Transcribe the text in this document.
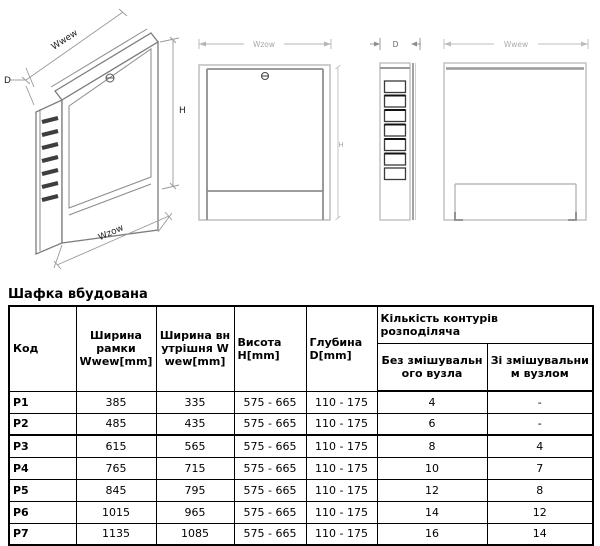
Wwew
D
H
Wzow
Wzow
H
D	Wwew
Шафка вбудована
Код	Ширина рамки Wwew[mm]	Ширина внутрішня Wwew[mm]	Висота H[mm]	Глубина D[mm]	Кількість контурів розподіляча	
					Без змішувального вузла	Зі змішувальним вузлом
P1	385	335	575 - 665	110 - 175	4	-
P2	485	435	575 - 665	110 - 175	6	-
P3	615	565	575 - 665	110 - 175	8	4
P4	765	715	575 - 665	110 - 175	10	7
P5	845	795	575 - 665	110 - 175	12	8
P6	1015	965	575 - 665	110 - 175	14	12
P7	1135	1085	575 - 665	110 - 175	16	14
